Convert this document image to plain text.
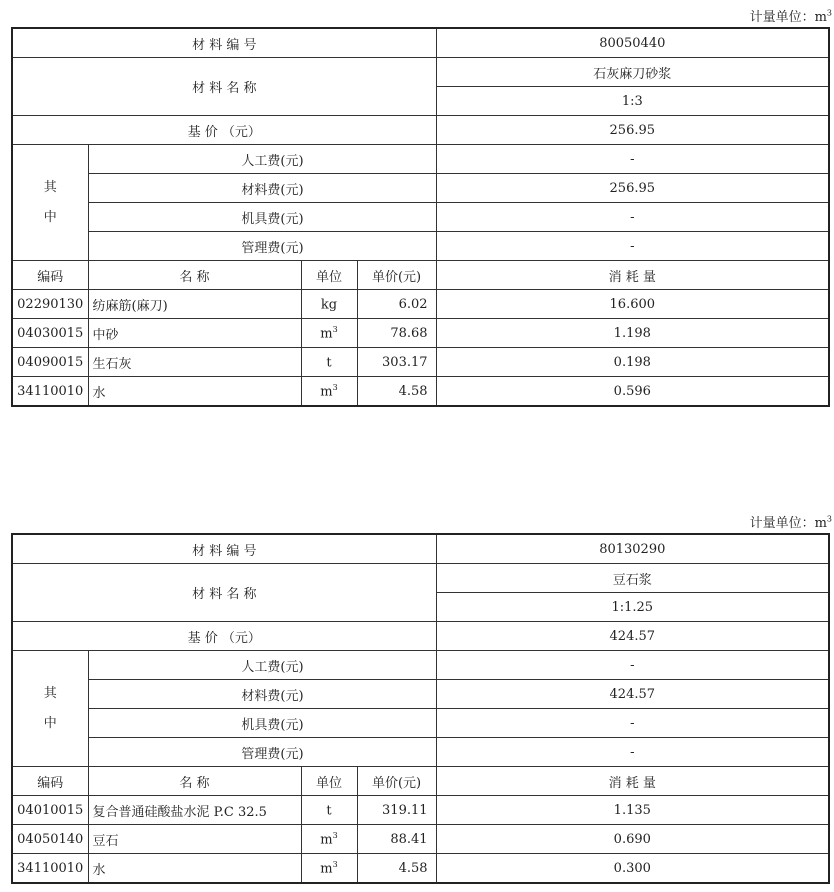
计量单位：$m^3$
材 料 编 号				80050440
材 料 名 称				石灰麻刀砂浆
				1:3
基 价 （元）				256.95
其
中	人工费(元)			-
	材料费(元)			256.95
	机具费(元)			-
	管理费(元)			-
编码	名 称	单位	单价(元)	消 耗 量
02290130	纺麻筋(麻刀)	kg	6.02	16.600
04030015	中砂	$m^3$	78.68	1.198
04090015	生石灰	t	303.17	0.198
34110010	水	$m^3$	4.58	0.596
计量单位：$m^3$
材 料 编 号				80130290
材 料 名 称				豆石浆
				1:1.25
基 价 （元）				424.57
其
中	人工费(元)			-
	材料费(元)			424.57
	机具费(元)			-
	管理费(元)			-
编码	名 称	单位	单价(元)	消 耗 量
04010015	复合普通硅酸盐水泥 P.C 32.5	t	319.11	1.135
04050140	豆石	$m^3$	88.41	0.690
34110010	水	$m^3$	4.58	0.300
